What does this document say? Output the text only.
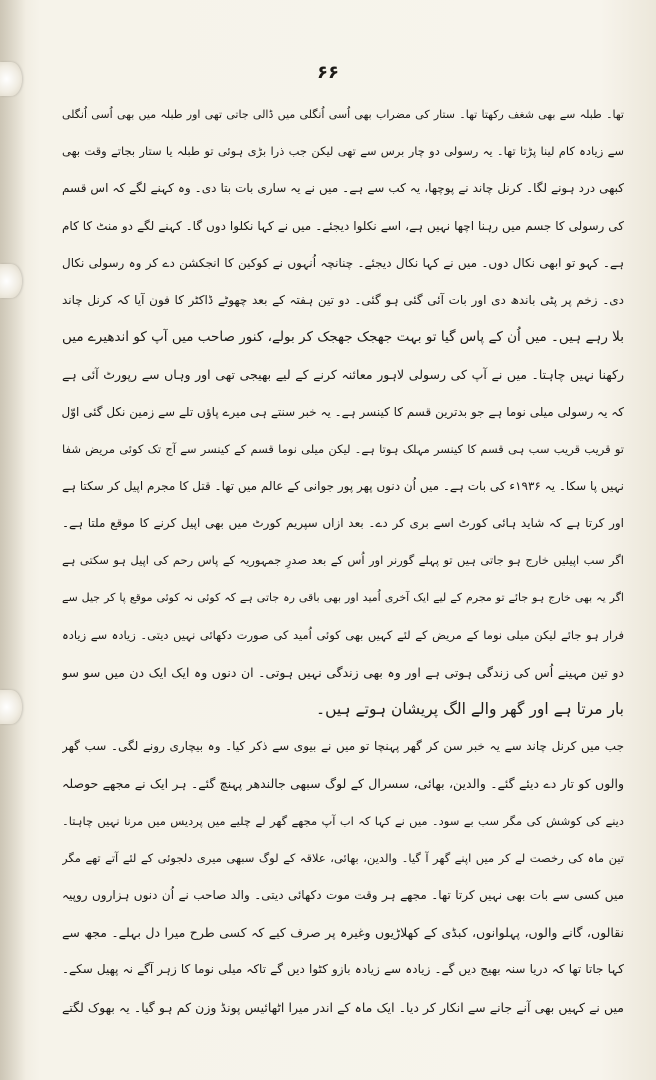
۶۶
تھا۔ طبلہ سے بھی شغف رکھتا تھا۔ ستار کی مضراب بھی اُسی اُنگلی میں ڈالی جاتی تھی اور طبلہ میں بھی اُسی اُنگلی
سے زیادہ کام لینا پڑتا تھا۔ یہ رسولی دو چار برس سے تھی لیکن جب ذرا بڑی ہوئی تو طبلہ یا ستار بجاتے وقت بھی
کبھی درد ہونے لگا۔ کرنل چاند نے پوچھا، یہ کب سے ہے۔ میں نے یہ ساری بات بتا دی۔ وہ کہنے لگے کہ اس قسم
کی رسولی کا جسم میں رہنا اچھا نہیں ہے، اسے نکلوا دیجئے۔ میں نے کہا نکلوا دوں گا۔ کہنے لگے دو منٹ کا کام
ہے۔ کہو تو ابھی نکال دوں۔ میں نے کہا نکال دیجئے۔ چنانچہ اُنہوں نے کوکین کا انجکشن دے کر وہ رسولی نکال
دی۔ زخم پر پٹی باندھ دی اور بات آئی گئی ہو گئی۔ دو تین ہفتہ کے بعد چھوٹے ڈاکٹر کا فون آیا کہ کرنل چاند
بلا رہے ہیں۔ میں اُن کے پاس گیا تو بہت جھجک جھجک کر بولے، کنور صاحب میں آپ کو اندھیرے میں
رکھنا نہیں چاہتا۔ میں نے آپ کی رسولی لاہور معائنہ کرنے کے لیے بھیجی تھی اور وہاں سے رپورٹ آئی ہے
کہ یہ رسولی میلی نوما ہے جو بدترین قسم کا کینسر ہے۔ یہ خبر سنتے ہی میرے پاؤں تلے سے زمین نکل گئی اوّل
تو قریب قریب سب ہی قسم کا کینسر مہلک ہوتا ہے۔ لیکن میلی نوما قسم کے کینسر سے آج تک کوئی مریض شفا
نہیں پا سکا۔ یہ ۱۹۳۶ء کی بات ہے۔ میں اُن دنوں پھر پور جوانی کے عالم میں تھا۔ قتل کا مجرم اپیل کر سکتا ہے
اور کرتا ہے کہ شاید ہائی کورٹ اسے بری کر دے۔ بعد ازاں سپریم کورٹ میں بھی اپیل کرنے کا موقع ملتا ہے۔
اگر سب اپیلیں خارج ہو جاتی ہیں تو پہلے گورنر اور اُس کے بعد صدرِ جمہوریہ کے پاس رحم کی اپیل ہو سکتی ہے
اگر یہ بھی خارج ہو جائے تو مجرم کے لیے ایک آخری اُمید اور بھی باقی رہ جاتی ہے کہ کوئی نہ کوئی موقع پا کر جیل سے
فرار ہو جائے لیکن میلی نوما کے مریض کے لئے کہیں بھی کوئی اُمید کی صورت دکھائی نہیں دیتی۔ زیادہ سے زیادہ
دو تین مہینے اُس کی زندگی ہوتی ہے اور وہ بھی زندگی نہیں ہوتی۔ ان دنوں وہ ایک ایک دن میں سو سو
بار مرتا ہے اور گھر والے الگ پریشان ہوتے ہیں۔
جب میں کرنل چاند سے یہ خبر سن کر گھر پہنچا تو میں نے بیوی سے ذکر کیا۔ وہ بیچاری رونے لگی۔ سب گھر
والوں کو تار دے دیئے گئے۔ والدین، بھائی، سسرال کے لوگ سبھی جالندھر پہنچ گئے۔ ہر ایک نے مجھے حوصلہ
دینے کی کوشش کی مگر سب بے سود۔ میں نے کہا کہ اب آپ مجھے گھر لے چلیے میں پردیس میں مرنا نہیں چاہتا۔
تین ماہ کی رخصت لے کر میں اپنے گھر آ گیا۔ والدین، بھائی، علاقہ کے لوگ سبھی میری دلجوئی کے لئے آتے تھے مگر
میں کسی سے بات بھی نہیں کرتا تھا۔ مجھے ہر وقت موت دکھائی دیتی۔ والد صاحب نے اُن دنوں ہزاروں روپیہ
نقالوں، گانے والوں، پہلوانوں، کبڈی کے کھلاڑیوں وغیرہ پر صرف کیے کہ کسی طرح میرا دل بہلے۔ مجھ سے
کہا جاتا تھا کہ دریا سنہ بھیج دیں گے۔ زیادہ سے زیادہ بازو کٹوا دیں گے تاکہ میلی نوما کا زہر آگے نہ پھیل سکے۔
میں نے کہیں بھی آنے جانے سے انکار کر دیا۔ ایک ماہ کے اندر میرا اٹھائیس پونڈ وزن کم ہو گیا۔ یہ بھوک لگتے
